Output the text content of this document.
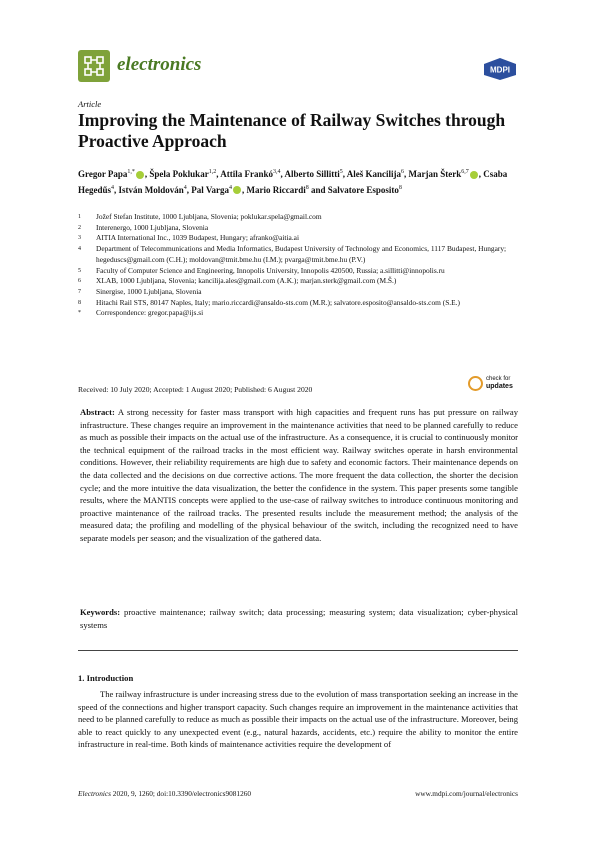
electronics	MDPI
Article
Improving the Maintenance of Railway Switches through Proactive Approach
Gregor Papa$^{1,*}$ , Špela Poklukar$^{1,2}$, Attila Frankó$^{3,4}$, Alberto Sillitti$^5$, Aleš Kancilija$^6$, Marjan Šterk$^{6,7}$ , Csaba Hegedűs$^4$, István Moldován$^4$, Pal Varga$^4$ , Mario Riccardi$^8$ and Salvatore Esposito$^8$
1	Jožef Stefan Institute, 1000 Ljubljana, Slovenia; poklukar.spela@gmail.com
2	Interenergo, 1000 Ljubljana, Slovenia
3	AITIA International Inc., 1039 Budapest, Hungary; afranko@aitia.ai
4	Department of Telecommunications and Media Informatics, Budapest University of Technology and Economics, 1117 Budapest, Hungary; hegeduscs@gmail.com (C.H.); moldovan@tmit.bme.hu (I.M.); pvarga@tmit.bme.hu (P.V.)
5	Faculty of Computer Science and Engineering, Innopolis University, Innopolis 420500, Russia; a.sillitti@innopolis.ru
6	XLAB, 1000 Ljubljana, Slovenia; kancilija.ales@gmail.com (A.K.); marjan.sterk@gmail.com (M.Š.)
7	Sinergise, 1000 Ljubljana, Slovenia
8	Hitachi Rail STS, 80147 Naples, Italy; mario.riccardi@ansaldo-sts.com (M.R.); salvatore.esposito@ansaldo-sts.com (S.E.)
*	Correspondence: gregor.papa@ijs.si
Received: 10 July 2020; Accepted: 1 August 2020; Published: 6 August 2020
check for
updates
Abstract: A strong necessity for faster mass transport with high capacities and frequent runs has put pressure on railway infrastructure. These changes require an improvement in the maintenance activities that need to be planned carefully to reduce as much as possible their impacts on the actual use of the infrastructure. As a consequence, it is crucial to continuously monitor the technical equipment of the railroad tracks in the most efficient way. Railway switches operate in harsh environmental conditions. However, their reliability requirements are high due to safety and economic factors. Their maintenance depends on the data collected and the decisions on due corrective actions. The more frequent the data collection, the shorter the decision cycle; and the more intuitive the data visualization, the better the confidence in the system. This paper presents some tangible results, where the MANTIS concepts were applied to the use-case of railway switches to introduce continuous monitoring and proactive maintenance of the railroad tracks. The presented results include the measurement method; the analysis of the measured data; the profiling and modelling of the physical behaviour of the switch, including the recognized need to have separate models per season; and the visualization of the gathered data.
Keywords: proactive maintenance; railway switch; data processing; measuring system; data visualization; cyber-physical systems
1. Introduction
The railway infrastructure is under increasing stress due to the evolution of mass transportation seeking an increase in the speed of the connections and higher transport capacity. Such changes require an improvement in the maintenance activities that need to be planned carefully to reduce as much as possible their impacts on the actual use of the infrastructure. Moreover, being able to react quickly to any unexpected event (e.g., natural hazards, accidents, etc.) require the ability to monitor the entire infrastructure in real-time. Both kinds of maintenance activities require the development of
Electronics 2020, 9, 1260; doi:10.3390/electronics9081260	www.mdpi.com/journal/electronics
